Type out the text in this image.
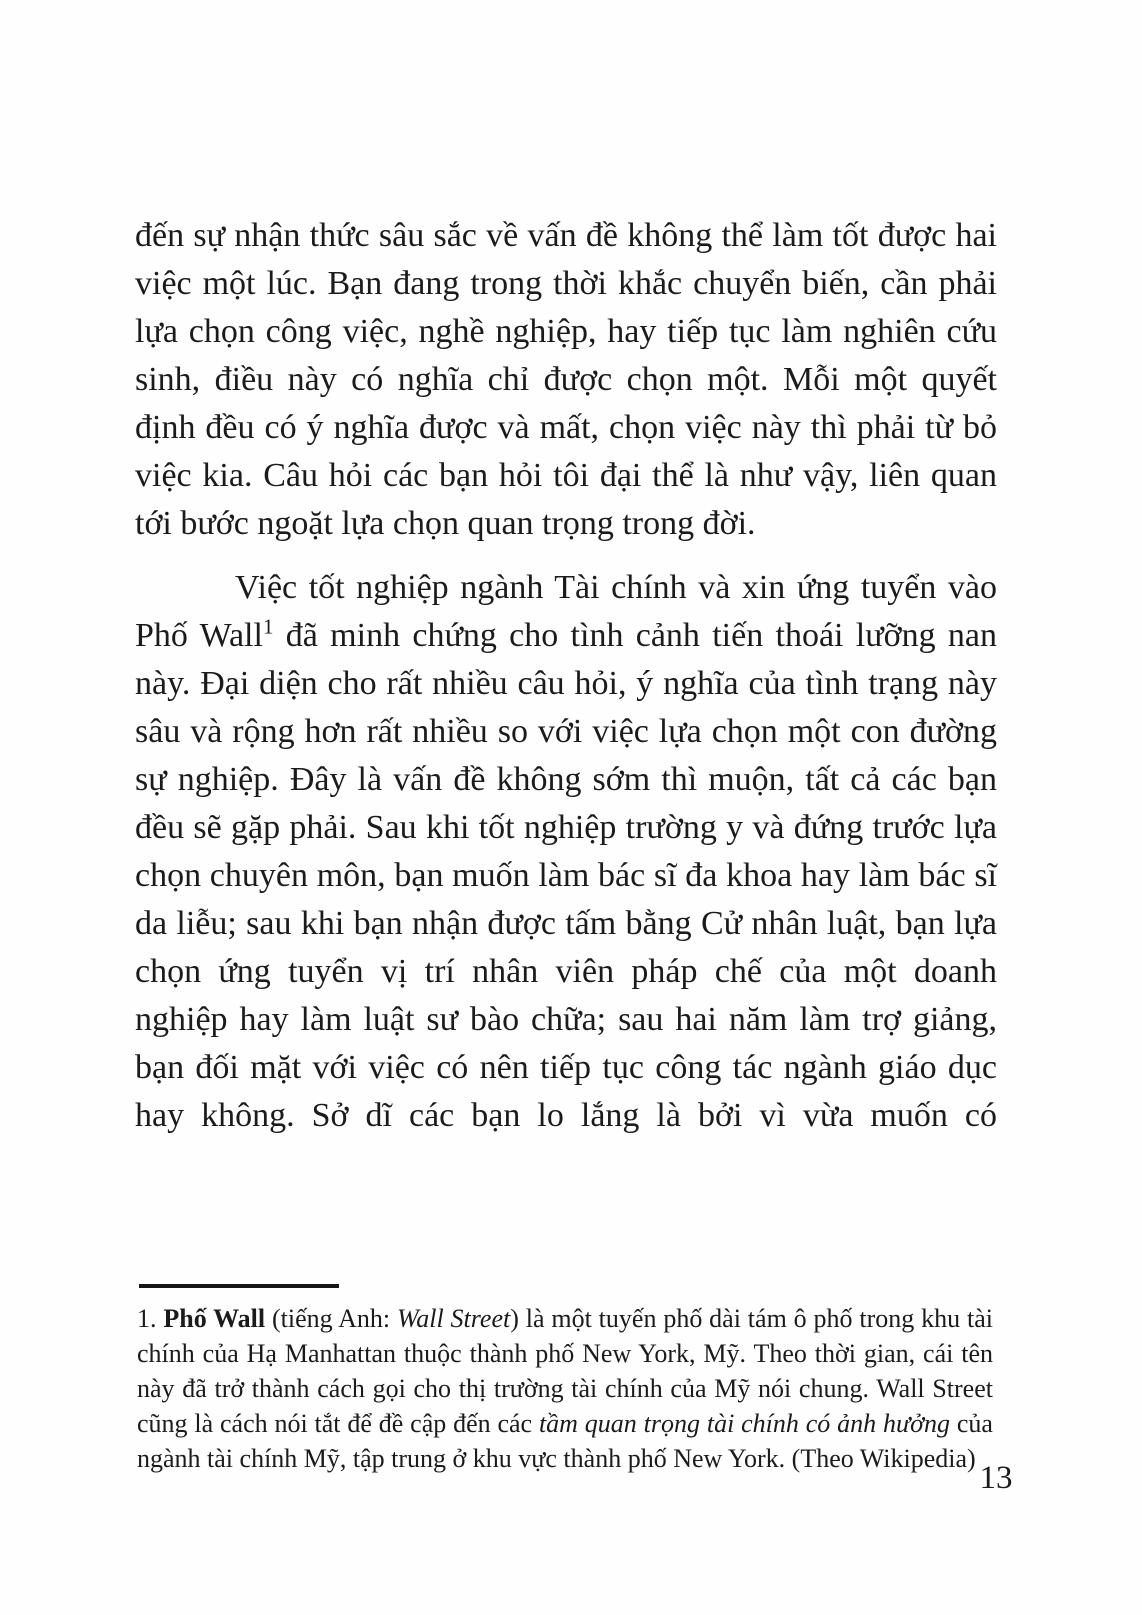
đến sự nhận thức sâu sắc về vấn đề không thể làm tốt được hai việc một lúc. Bạn đang trong thời khắc chuyển biến, cần phải lựa chọn công việc, nghề nghiệp, hay tiếp tục làm nghiên cứu sinh, điều này có nghĩa chỉ được chọn một. Mỗi một quyết định đều có ý nghĩa được và mất, chọn việc này thì phải từ bỏ việc kia. Câu hỏi các bạn hỏi tôi đại thể là như vậy, liên quan tới bước ngoặt lựa chọn quan trọng trong đời.

Việc tốt nghiệp ngành Tài chính và xin ứng tuyển vào Phố Wall$^1$ đã minh chứng cho tình cảnh tiến thoái lưỡng nan này. Đại diện cho rất nhiều câu hỏi, ý nghĩa của tình trạng này sâu và rộng hơn rất nhiều so với việc lựa chọn một con đường sự nghiệp. Đây là vấn đề không sớm thì muộn, tất cả các bạn đều sẽ gặp phải. Sau khi tốt nghiệp trường y và đứng trước lựa chọn chuyên môn, bạn muốn làm bác sĩ đa khoa hay làm bác sĩ da liễu; sau khi bạn nhận được tấm bằng Cử nhân luật, bạn lựa chọn ứng tuyển vị trí nhân viên pháp chế của một doanh nghiệp hay làm luật sư bào chữa; sau hai năm làm trợ giảng, bạn đối mặt với việc có nên tiếp tục công tác ngành giáo dục hay không. Sở dĩ các bạn lo lắng là bởi vì vừa muốn có

1. Phố Wall (tiếng Anh: Wall Street) là một tuyến phố dài tám ô phố trong khu tài chính của Hạ Manhattan thuộc thành phố New York, Mỹ. Theo thời gian, cái tên này đã trở thành cách gọi cho thị trường tài chính của Mỹ nói chung. Wall Street cũng là cách nói tắt để đề cập đến các tầm quan trọng tài chính có ảnh hưởng của ngành tài chính Mỹ, tập trung ở khu vực thành phố New York. (Theo Wikipedia)

13
